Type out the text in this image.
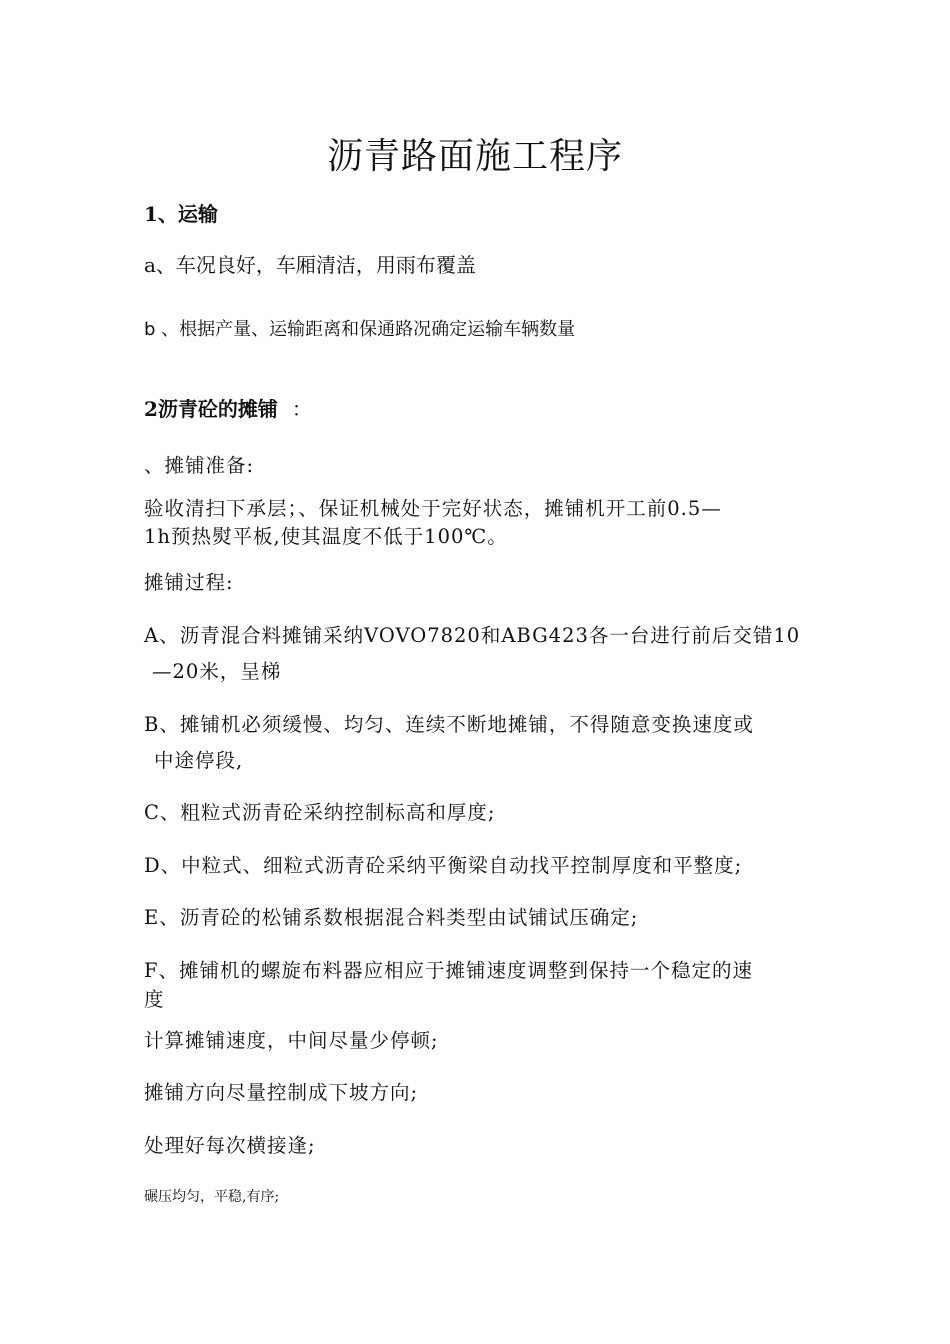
沥青路面施工程序
1、运输
a、车况良好，车厢清洁，用雨布覆盖
b 、根据产量、运输距离和保通路况确定运输车辆数量
2沥青砼的摊铺 ：
、摊铺准备:
验收清扫下承层；、保证机械处于完好状态，摊铺机开工前0.5—
1h预热熨平板,使其温度不低于100℃。
摊铺过程:
A、沥青混合料摊铺采纳VOVO7820和ABG423各一台进行前后交错10
—20米，呈梯
B、摊铺机必须缓慢、均匀、连续不断地摊铺，不得随意变换速度或
中途停段,
C、粗粒式沥青砼采纳控制标高和厚度;
D、中粒式、细粒式沥青砼采纳平衡梁自动找平控制厚度和平整度;
E、沥青砼的松铺系数根据混合料类型由试铺试压确定;
F、摊铺机的螺旋布料器应相应于摊铺速度调整到保持一个稳定的速
度
计算摊铺速度，中间尽量少停顿;
摊铺方向尽量控制成下坡方向;
处理好每次横接逢;
碾压均匀，平稳,有序;
